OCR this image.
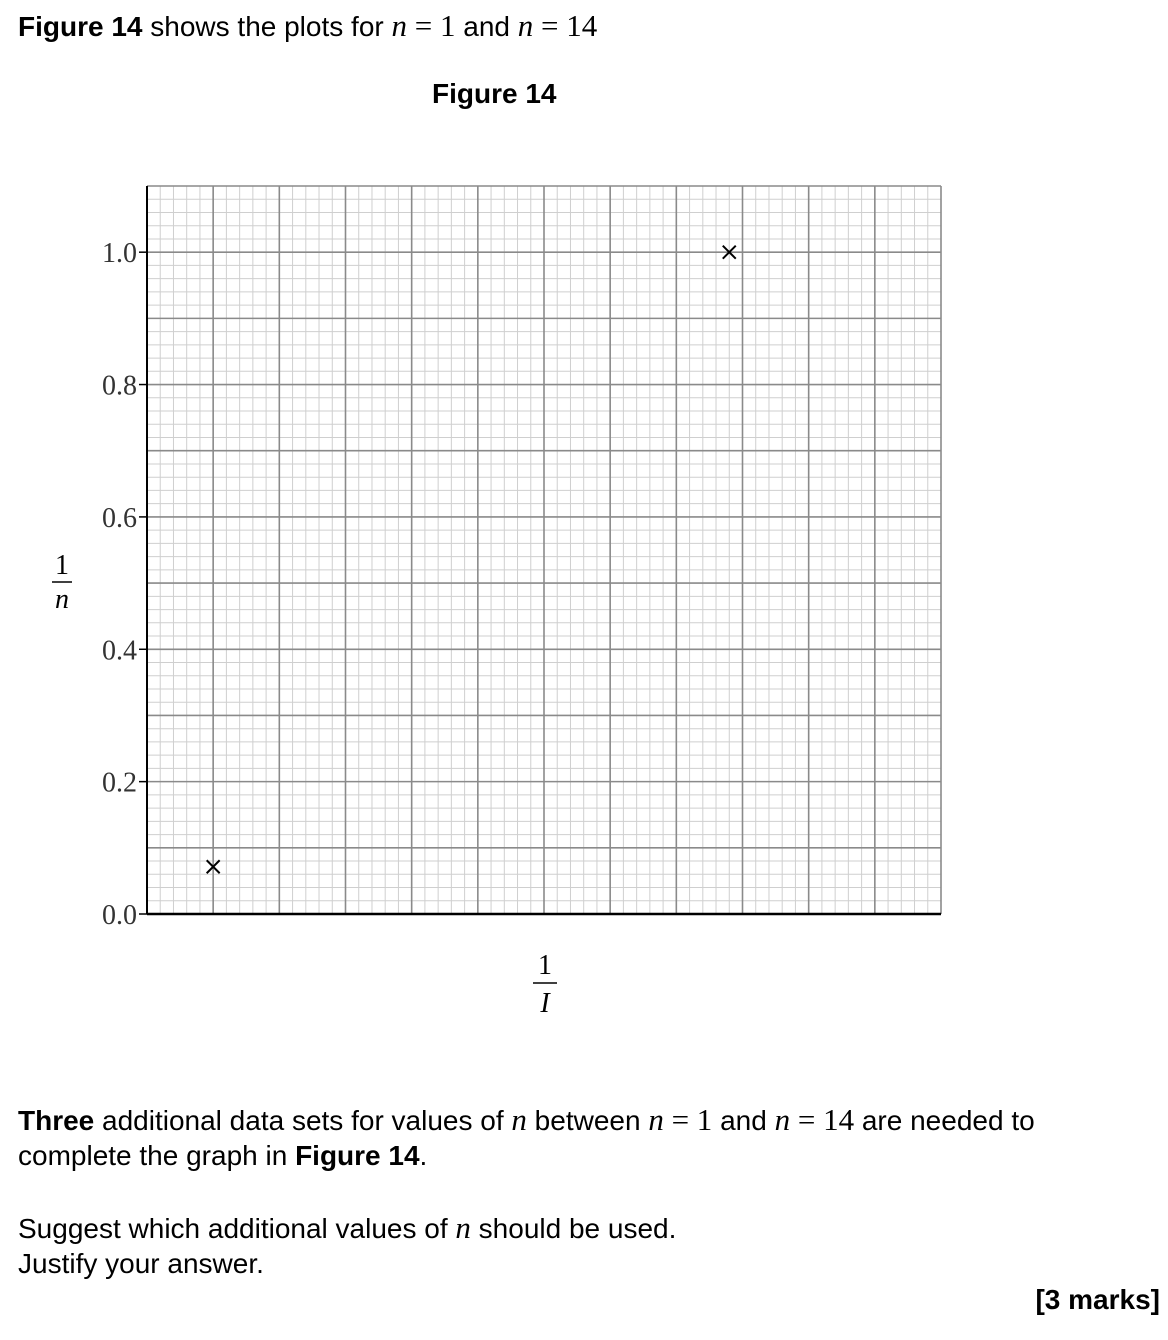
Figure 14 shows the plots for n = 1 and n = 14
Figure 14
0.0
0.2
0.4
0.6
0.8
1.0
1
n
1
I
Three additional data sets for values of n between n = 1 and n = 14 are needed to
complete the graph in Figure 14.
Suggest which additional values of n should be used.
Justify your answer.
[3 marks]
